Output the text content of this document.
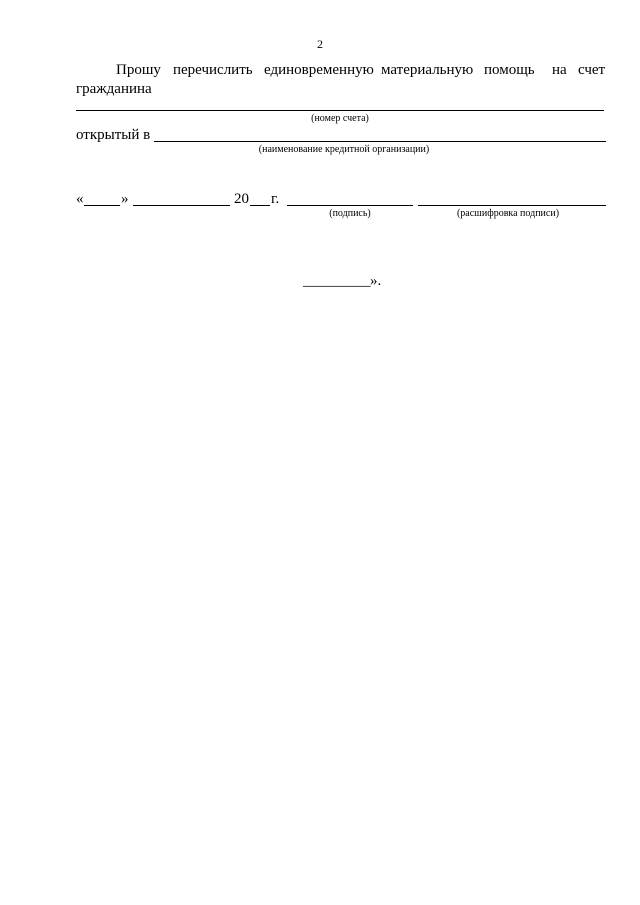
2
Прошу перечислить единовременную материальную помощь на счет
гражданина
(номер счета)
открытый в
(наименование кредитной организации)
«	»	20 г.
(подпись)	(расшифровка подписи)
_________ ».
